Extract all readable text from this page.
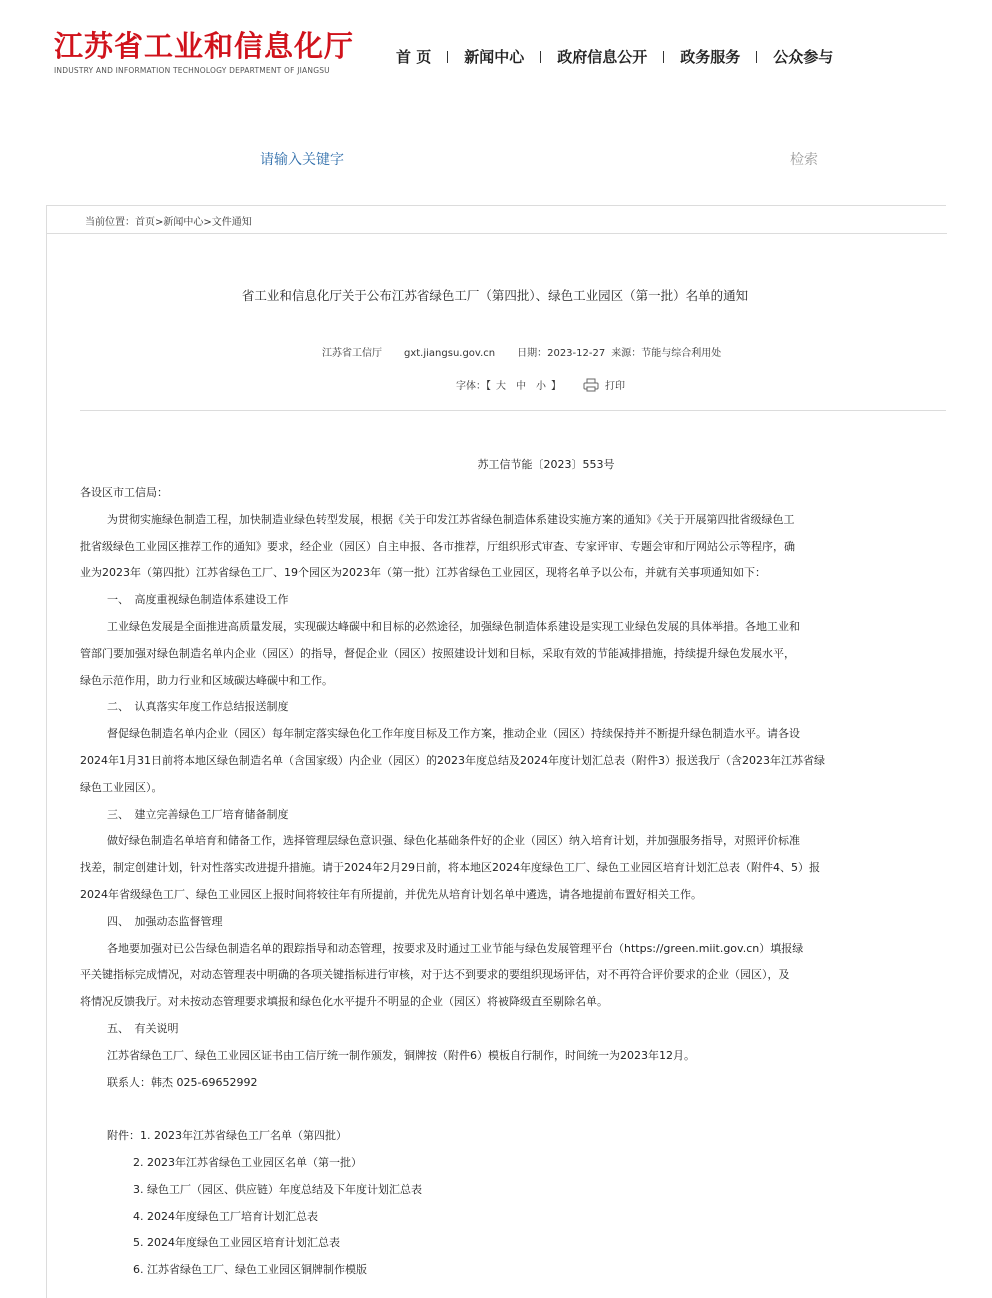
江苏省工业和信息化厅
INDUSTRY AND INFORMATION TECHNOLOGY DEPARTMENT OF JIANGSU
首 页	新闻中心	政府信息公开	政务服务	公众参与
请输入关键字
检索
当前位置：首页>新闻中心>文件通知
省工业和信息化厅关于公布江苏省绿色工厂（第四批）、绿色工业园区（第一批）名单的通知
江苏省工信厅 gxt.jiangsu.gov.cn 日期：2023-12-27 来源：节能与综合利用处
字体：【 大 中 小 】	打印
苏工信节能〔2023〕553号
各设区市工信局：
为贯彻实施绿色制造工程，加快制造业绿色转型发展，根据《关于印发江苏省绿色制造体系建设实施方案的通知》《关于开展第四批省级绿色工
批省级绿色工业园区推荐工作的通知》要求，经企业（园区）自主申报、各市推荐，厅组织形式审查、专家评审、专题会审和厅网站公示等程序，确
业为2023年（第四批）江苏省绿色工厂、19个园区为2023年（第一批）江苏省绿色工业园区，现将名单予以公布，并就有关事项通知如下：
一、　高度重视绿色制造体系建设工作
工业绿色发展是全面推进高质量发展，实现碳达峰碳中和目标的必然途径，加强绿色制造体系建设是实现工业绿色发展的具体举措。各地工业和
管部门要加强对绿色制造名单内企业（园区）的指导，督促企业（园区）按照建设计划和目标，采取有效的节能减排措施，持续提升绿色发展水平，
绿色示范作用，助力行业和区域碳达峰碳中和工作。
二、　认真落实年度工作总结报送制度
督促绿色制造名单内企业（园区）每年制定落实绿色化工作年度目标及工作方案，推动企业（园区）持续保持并不断提升绿色制造水平。请各设
2024年1月31日前将本地区绿色制造名单（含国家级）内企业（园区）的2023年度总结及2024年度计划汇总表（附件3）报送我厅（含2023年江苏省绿
绿色工业园区）。
三、　建立完善绿色工厂培育储备制度
做好绿色制造名单培育和储备工作，选择管理层绿色意识强、绿色化基础条件好的企业（园区）纳入培育计划，并加强服务指导，对照评价标准
找差，制定创建计划，针对性落实改进提升措施。请于2024年2月29日前，将本地区2024年度绿色工厂、绿色工业园区培育计划汇总表（附件4、5）报
2024年省级绿色工厂、绿色工业园区上报时间将较往年有所提前，并优先从培育计划名单中遴选，请各地提前布置好相关工作。
四、　加强动态监督管理
各地要加强对已公告绿色制造名单的跟踪指导和动态管理，按要求及时通过工业节能与绿色发展管理平台（https://green.miit.gov.cn）填报绿
平关键指标完成情况，对动态管理表中明确的各项关键指标进行审核，对于达不到要求的要组织现场评估，对不再符合评价要求的企业（园区），及
将情况反馈我厅。对未按动态管理要求填报和绿色化水平提升不明显的企业（园区）将被降级直至剔除名单。
五、　有关说明
江苏省绿色工厂、绿色工业园区证书由工信厅统一制作颁发，铜牌按（附件6）模板自行制作，时间统一为2023年12月。
联系人：韩杰 025-69652992
附件：1. 2023年江苏省绿色工厂名单（第四批）
2. 2023年江苏省绿色工业园区名单（第一批）
3. 绿色工厂（园区、供应链）年度总结及下年度计划汇总表
4. 2024年度绿色工厂培育计划汇总表
5. 2024年度绿色工业园区培育计划汇总表
6. 江苏省绿色工厂、绿色工业园区铜牌制作模版
